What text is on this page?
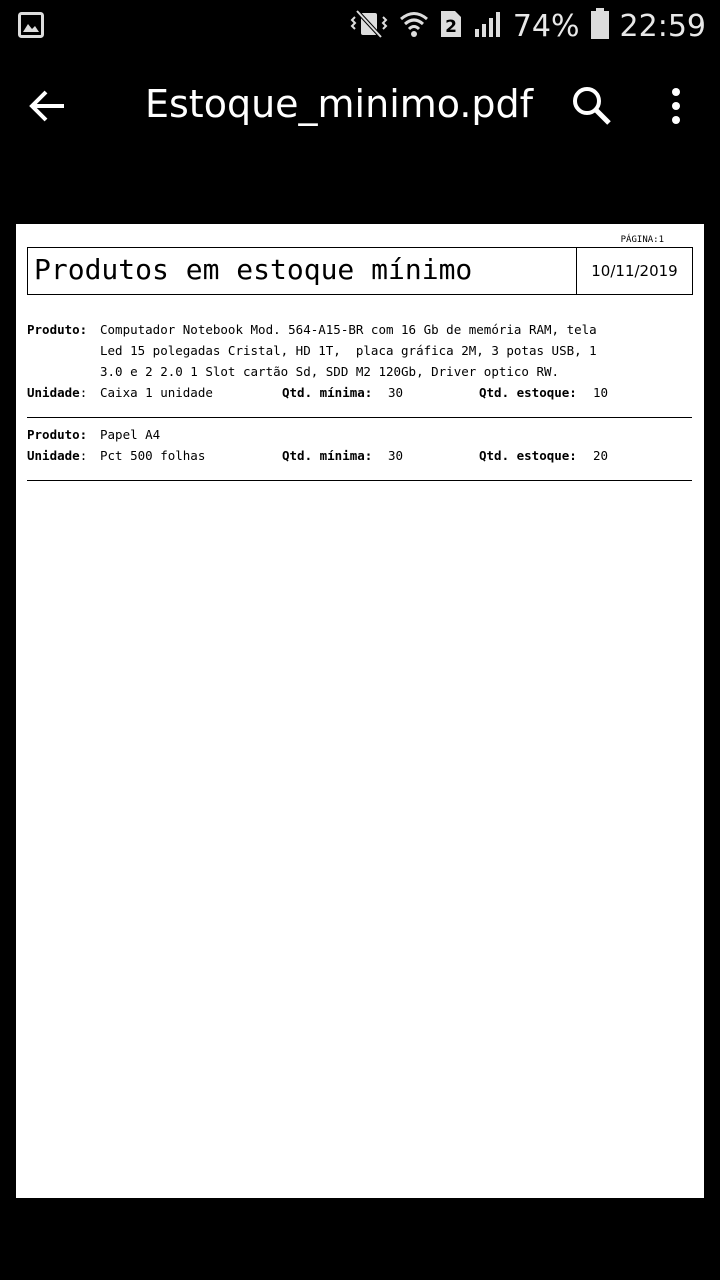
2 74% 22:59
Estoque_minimo.pdf
PÁGINA:1
Produtos em estoque mínimo	10/11/2019
Produto: Computador Notebook Mod. 564-A15-BR com 16 Gb de memória RAM, tela
Led 15 polegadas Cristal, HD 1T,  placa gráfica 2M, 3 potas USB, 1
3.0 e 2 2.0 1 Slot cartão Sd, SDD M2 120Gb, Driver optico RW.
Unidade: Caixa 1 unidade	Qtd. mínima: 30	Qtd. estoque: 10
Produto: Papel A4
Unidade: Pct 500 folhas	Qtd. mínima: 30	Qtd. estoque: 20
